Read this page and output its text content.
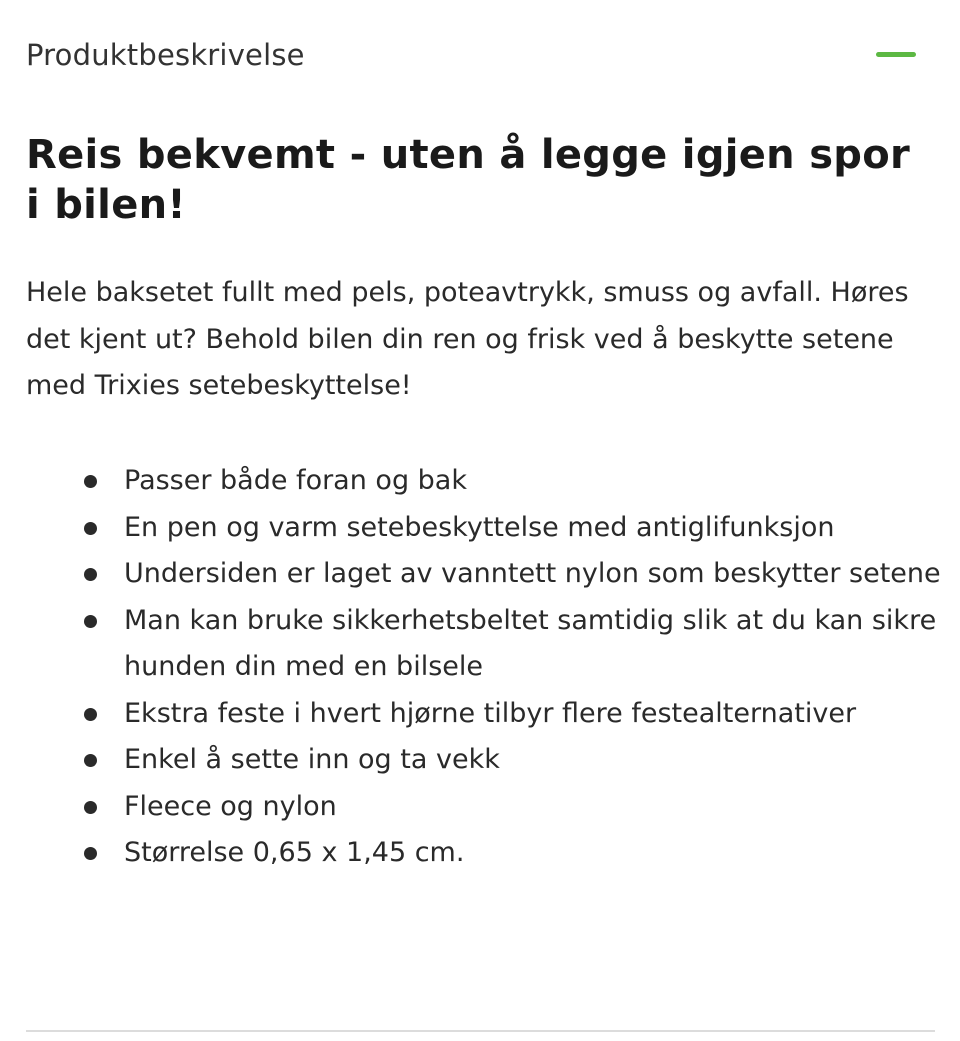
Produktbeskrivelse
Reis bekvemt - uten å legge igjen spor i bilen!

Hele baksetet fullt med pels, poteavtrykk, smuss og avfall. Høres det kjent ut? Behold bilen din ren og frisk ved å beskytte setene med Trixies setebeskyttelse!

Passer både foran og bak
En pen og varm setebeskyttelse med antiglifunksjon
Undersiden er laget av vanntett nylon som beskytter setene
Man kan bruke sikkerhetsbeltet samtidig slik at du kan sikre hunden din med en bilsele
Ekstra feste i hvert hjørne tilbyr flere festealternativer
Enkel å sette inn og ta vekk
Fleece og nylon
Størrelse 0,65 x 1,45 cm.
